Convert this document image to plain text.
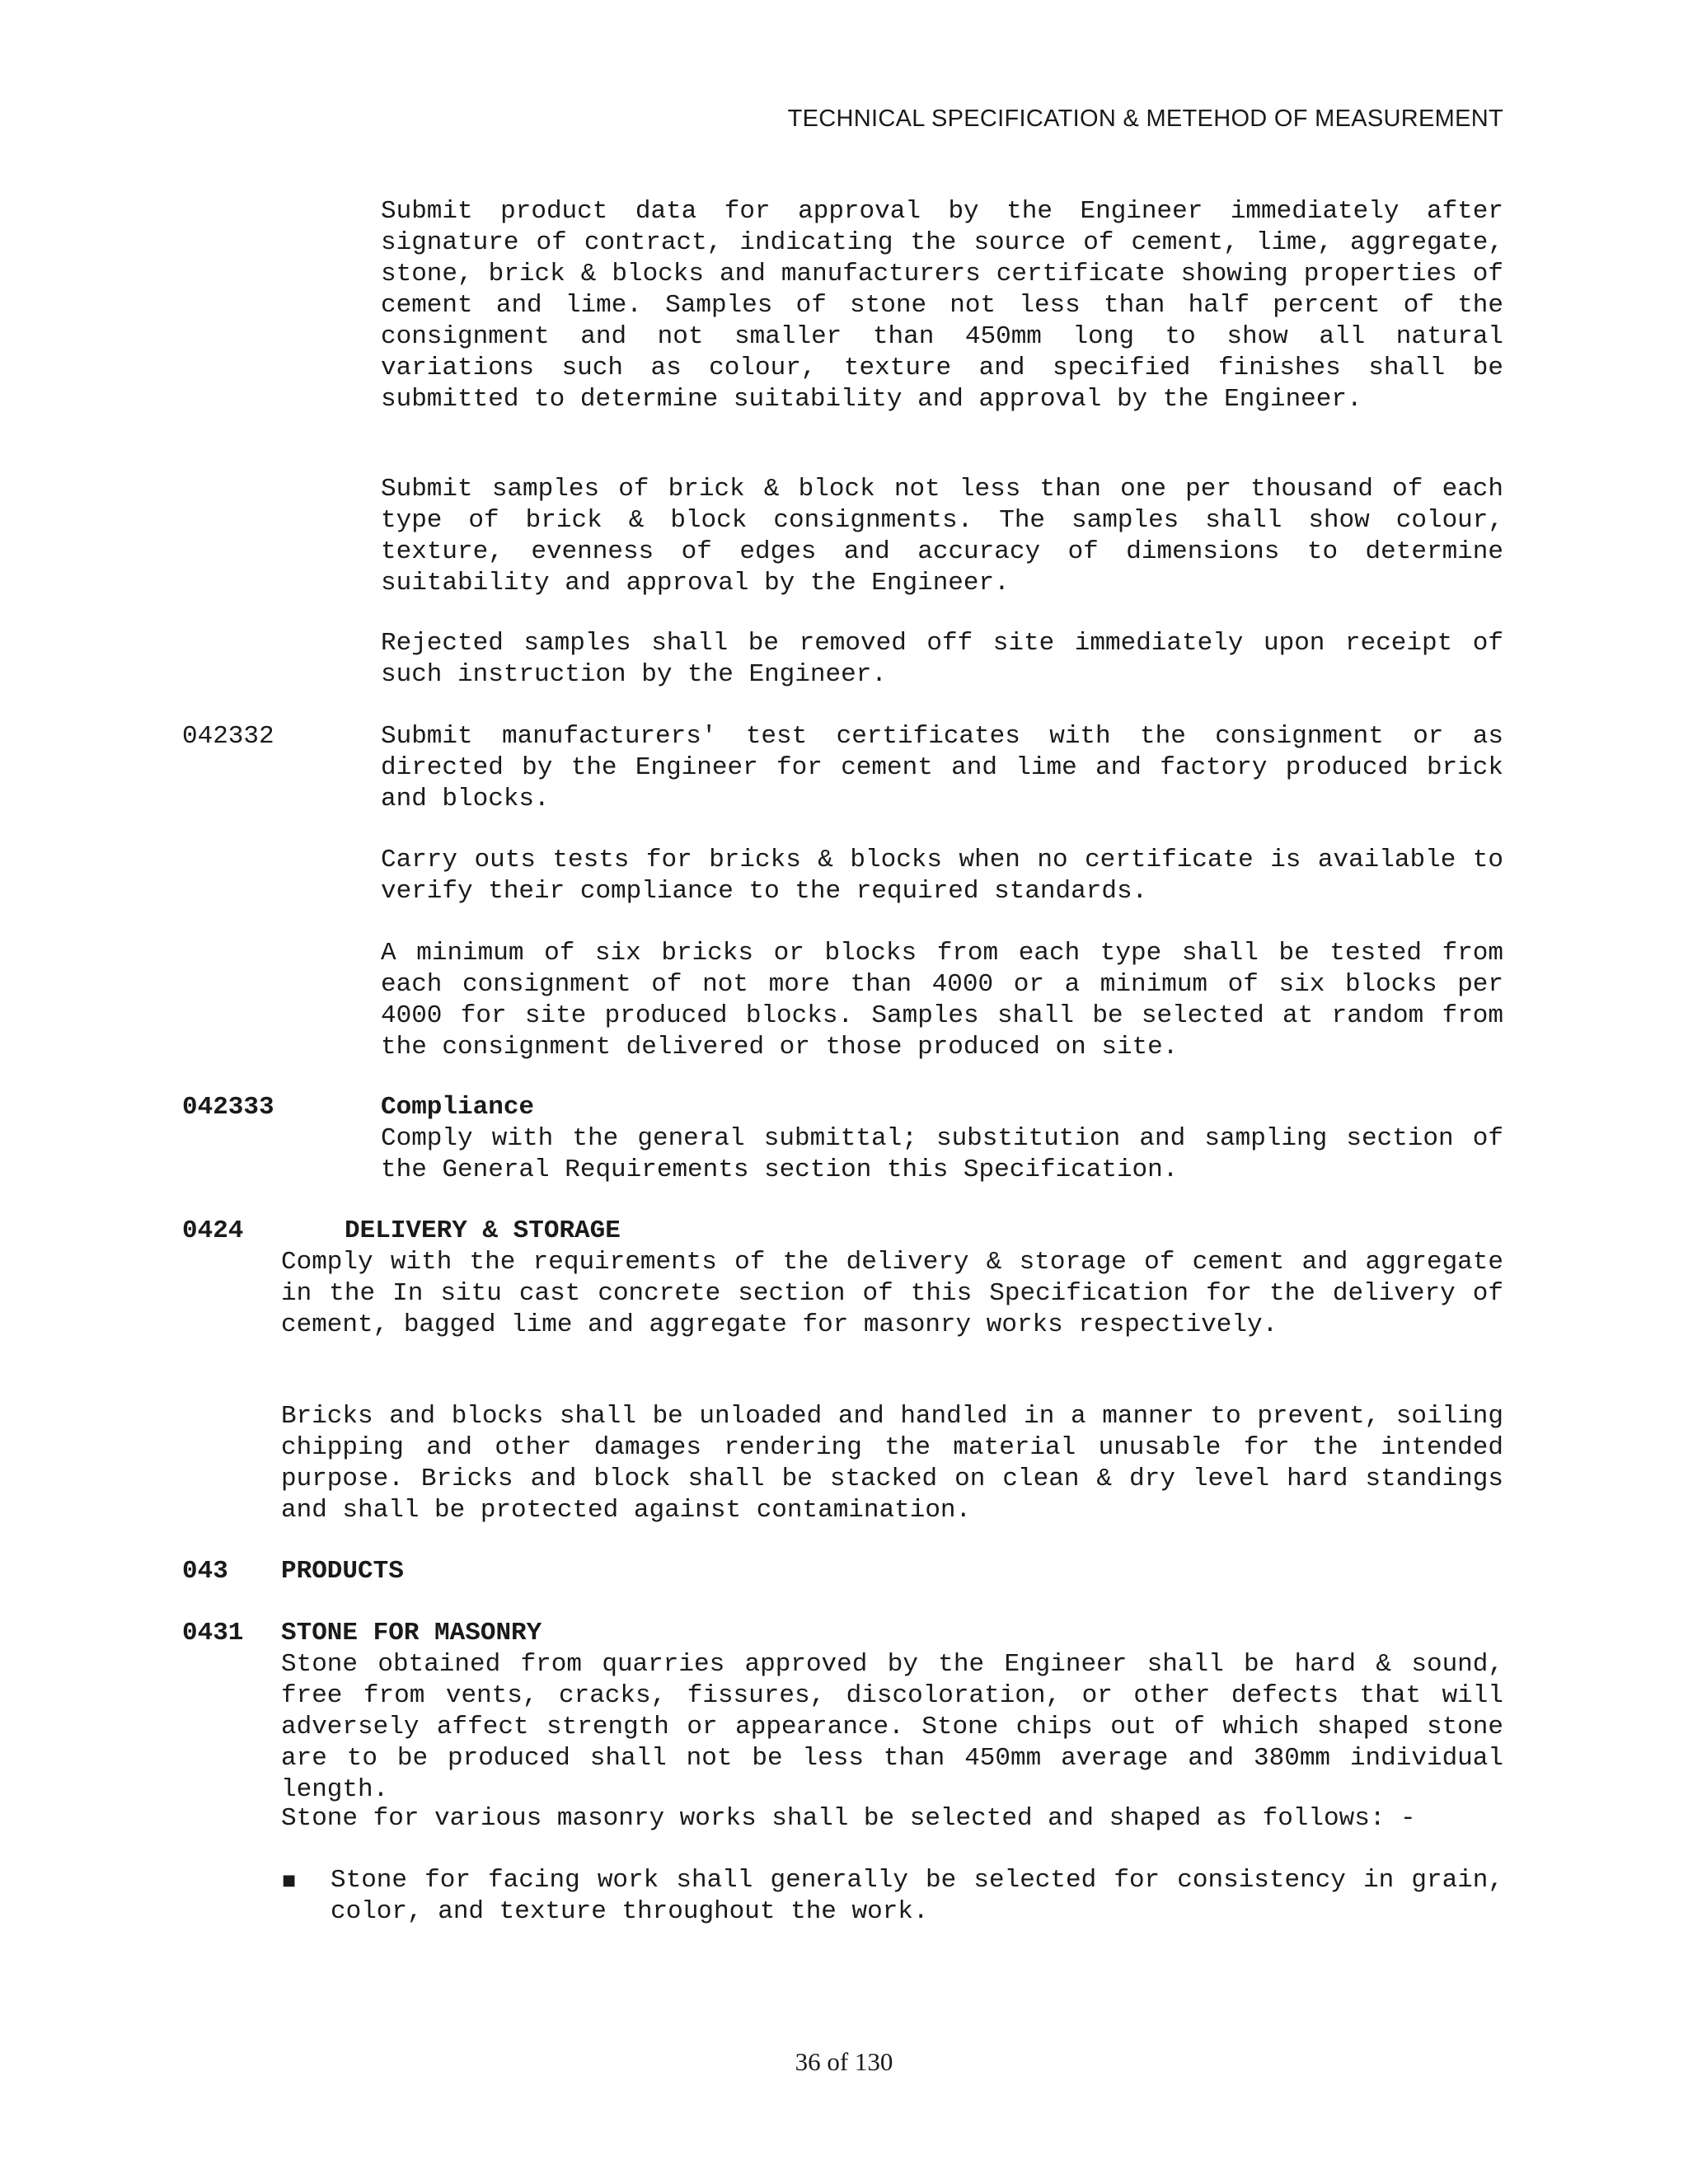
TECHNICAL SPECIFICATION & METEHOD OF MEASUREMENT

Submit product data for approval by the Engineer immediately after signature of contract, indicating the source of cement, lime, aggregate, stone, brick & blocks and manufacturers certificate showing properties of cement and lime. Samples of stone not less than half percent of the consignment and not smaller than 450mm long to show all natural variations such as colour, texture and specified finishes shall be submitted to determine suitability and approval by the Engineer.

Submit samples of brick & block not less than one per thousand of each type of brick & block consignments. The samples shall show colour, texture, evenness of edges and accuracy of dimensions to determine suitability and approval by the Engineer.

Rejected samples shall be removed off site immediately upon receipt of such instruction by the Engineer.

042332	Submit manufacturers' test certificates with the consignment or as directed by the Engineer for cement and lime and factory produced brick and blocks.

Carry outs tests for bricks & blocks when no certificate is available to verify their compliance to the required standards.

A minimum of six bricks or blocks from each type shall be tested from each consignment of not more than 4000 or a minimum of six blocks per 4000 for site produced blocks. Samples shall be selected at random from the consignment delivered or those produced on site.

042333	Compliance

Comply with the general submittal; substitution and sampling section of the General Requirements section this Specification.

0424	DELIVERY & STORAGE

Comply with the requirements of the delivery & storage of cement and aggregate in the In situ cast concrete section of this Specification for the delivery of cement, bagged lime and aggregate for masonry works respectively.

Bricks and blocks shall be unloaded and handled in a manner to prevent, soiling chipping and other damages rendering the material unusable for the intended purpose. Bricks and block shall be stacked on clean & dry level hard standings and shall be protected against contamination.

043 PRODUCTS

0431 STONE FOR MASONRY

Stone obtained from quarries approved by the Engineer shall be hard & sound, free from vents, cracks, fissures, discoloration, or other defects that will adversely affect strength or appearance. Stone chips out of which shaped stone are to be produced shall not be less than 450mm average and 380mm individual length.

Stone for various masonry works shall be selected and shaped as follows: -

■ Stone for facing work shall generally be selected for consistency in grain, color, and texture throughout the work.

36 of 130
